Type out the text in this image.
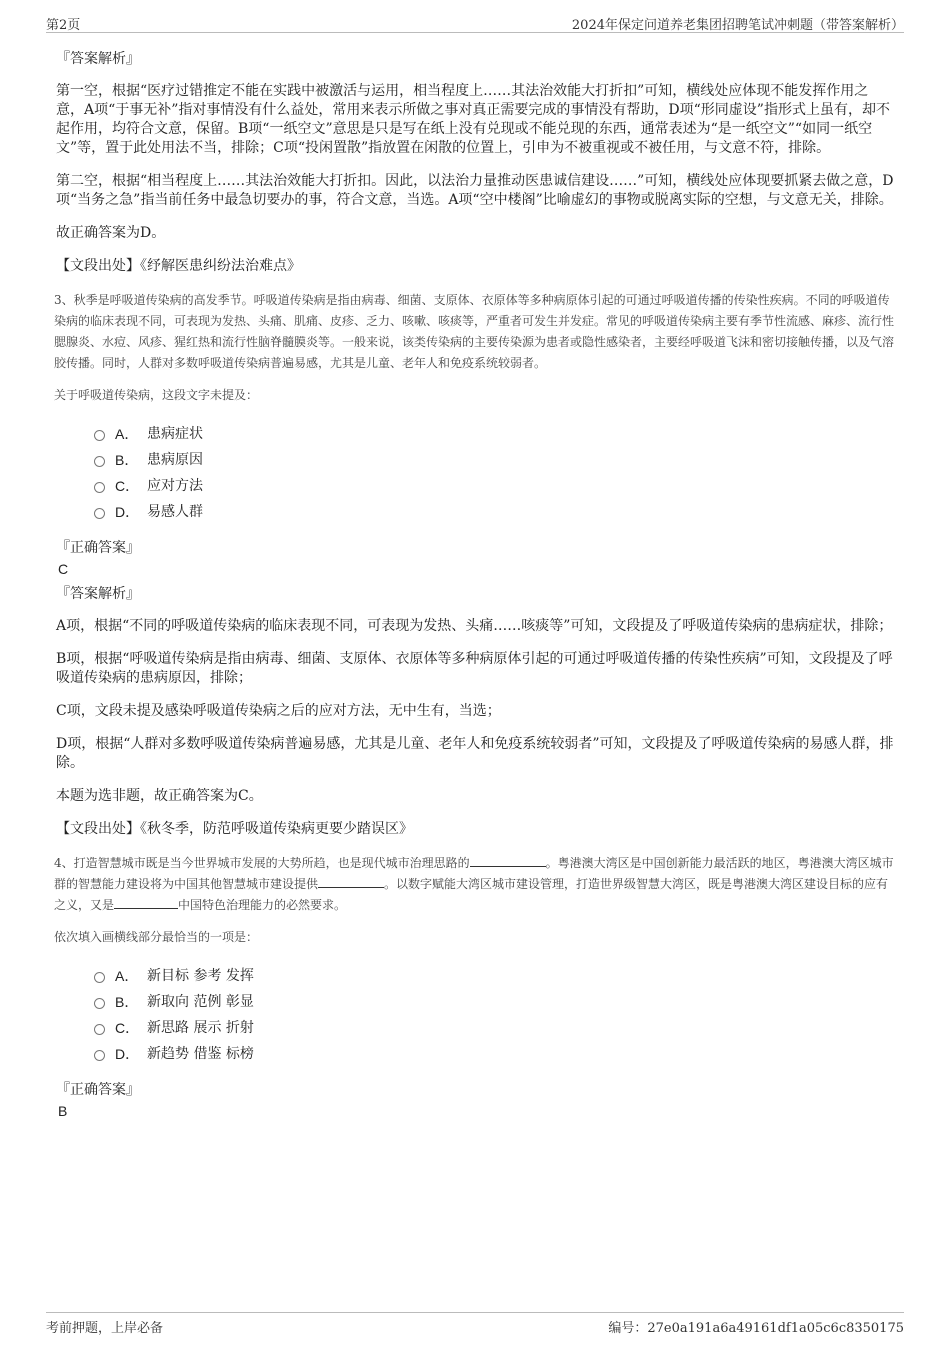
第2页	2024年保定问道养老集团招聘笔试冲刺题（带答案解析）
『答案解析』

第一空，根据“医疗过错推定不能在实践中被激活与运用，相当程度上……其法治效能大打折扣”可知，横线处应体现不能发挥作用之意，A项“于事无补”指对事情没有什么益处，常用来表示所做之事对真正需要完成的事情没有帮助，D项“形同虚设”指形式上虽有，却不起作用，均符合文意，保留。B项“一纸空文”意思是只是写在纸上没有兑现或不能兑现的东西，通常表述为“是一纸空文”“如同一纸空文”等，置于此处用法不当，排除；C项“投闲置散”指放置在闲散的位置上，引申为不被重视或不被任用，与文意不符，排除。

第二空，根据“相当程度上……其法治效能大打折扣。因此，以法治力量推动医患诚信建设……”可知，横线处应体现要抓紧去做之意，D项“当务之急”指当前任务中最急切要办的事，符合文意，当选。A项“空中楼阁”比喻虚幻的事物或脱离实际的空想，与文意无关，排除。

故正确答案为D。

【文段出处】《纾解医患纠纷法治难点》

3、秋季是呼吸道传染病的高发季节。呼吸道传染病是指由病毒、细菌、支原体、衣原体等多种病原体引起的可通过呼吸道传播的传染性疾病。不同的呼吸道传染病的临床表现不同，可表现为发热、头痛、肌痛、皮疹、乏力、咳嗽、咳痰等，严重者可发生并发症。常见的呼吸道传染病主要有季节性流感、麻疹、流行性腮腺炎、水痘、风疹、猩红热和流行性脑脊髓膜炎等。一般来说，该类传染病的主要传染源为患者或隐性感染者，主要经呼吸道飞沫和密切接触传播，以及气溶胶传播。同时，人群对多数呼吸道传染病普遍易感，尤其是儿童、老年人和免疫系统较弱者。
关于呼吸道传染病，这段文字未提及：
A． 患病症状
B． 患病原因
C． 应对方法
D． 易感人群
『正确答案』
C
『答案解析』

A项，根据“不同的呼吸道传染病的临床表现不同，可表现为发热、头痛……咳痰等”可知，文段提及了呼吸道传染病的患病症状，排除；

B项，根据“呼吸道传染病是指由病毒、细菌、支原体、衣原体等多种病原体引起的可通过呼吸道传播的传染性疾病”可知，文段提及了呼吸道传染病的患病原因，排除；

C项，文段未提及感染呼吸道传染病之后的应对方法，无中生有，当选；

D项，根据“人群对多数呼吸道传染病普遍易感，尤其是儿童、老年人和免疫系统较弱者”可知，文段提及了呼吸道传染病的易感人群，排除。

本题为选非题，故正确答案为C。

【文段出处】《秋冬季，防范呼吸道传染病更要少踏误区》

4、打造智慧城市既是当今世界城市发展的大势所趋，也是现代城市治理思路的	。粤港澳大湾区是中国创新能力最活跃的地区，粤港澳大湾区城市群的智慧能力建设将为中国其他智慧城市建设提供	。以数字赋能大湾区城市建设管理，打造世界级智慧大湾区，既是粤港澳大湾区建设目标的应有之义，又是	中国特色治理能力的必然要求。
依次填入画横线部分最恰当的一项是：
A． 新目标 参考 发挥
B． 新取向 范例 彰显
C． 新思路 展示 折射
D． 新趋势 借鉴 标榜
『正确答案』
B
考前押题，上岸必备	编号：27e0a191a6a49161df1a05c6c8350175
